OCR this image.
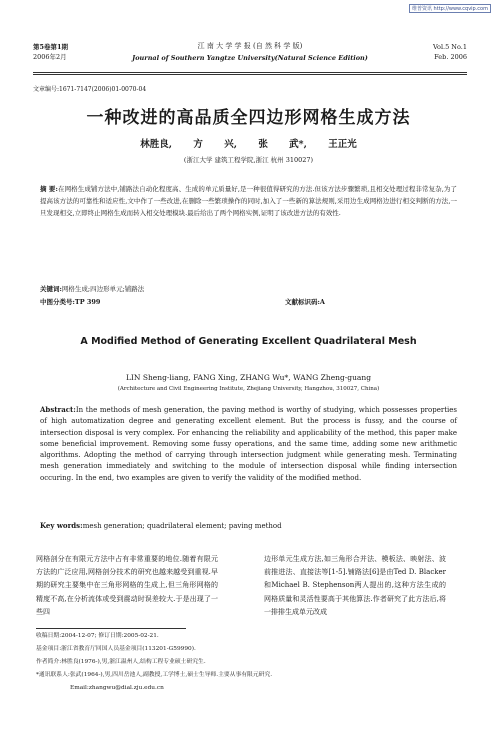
维普资讯 http://www.cqvip.com
第5卷第1期
2006年2月
江 南 大 学 学 报 (自 然 科 学 版)
Journal of Southern Yangtze University(Natural Science Edition)
Vol.5 No.1
Feb. 2006
文章编号:1671-7147(2006)01-0070-04
一种改进的高品质全四边形网格生成方法
林胜良, 方 兴, 张 武*, 王正光
(浙江大学 建筑工程学院,浙江 杭州 310027)
摘 要:在网格生成铺方法中,铺路法自动化程度高、生成的单元质量好,是一种很值得研究的方法.但该方法步骤繁琐,且相交处理过程非常复杂,为了提高该方法的可靠性和适应性,文中作了一些改进,在删除一些繁琐操作的同时,加入了一些新的算法规则,采用边生成网格边进行相交判断的方法,一旦发现相交,立即终止网格生成而转入相交处理模块.最后给出了两个网格实例,证明了该改进方法的有效性.
关键词:网格生成;四边形单元;铺路法
中图分类号:TP 399	文献标识码:A
A Modified Method of Generating Excellent Quadrilateral Mesh
LIN Sheng-liang, FANG Xing, ZHANG Wu*, WANG Zheng-guang
(Architecture and Civil Engineering Institute, Zhejiang University, Hangzhou, 310027, China)
Abstract:In the methods of mesh generation, the paving method is worthy of studying, which possesses properties of high automatization degree and generating excellent element. But the process is fussy, and the course of intersection disposal is very complex. For enhancing the reliability and applicability of the method, this paper make some beneficial improvement. Removing some fussy operations, and the same time, adding some new arithmetic algorithms. Adopting the method of carrying through intersection judgment while generating mesh. Terminating mesh generation immediately and switching to the module of intersection disposal while finding intersection occuring. In the end, two examples are given to verify the validity of the modified method.
Key words:mesh generation; quadrilateral element; paving method
网格剖分在有限元方法中占有非常重要的地位.随着有限元方法的广泛应用,网格剖分技术的研究也越来越受到重视.早期的研究主要集中在三角形网格的生成上,但三角形网格的精度不高,在分析流体或受到震动时误差较大.于是出现了一些四
边形单元生成方法,如三角形合并法、模板法、映射法、波前推进法、直接法等[1-5].铺路法[6]是由Ted D. Blacker和Michael B. Stephenson两人提出的,这种方法生成的网格质量和灵活性要高于其他算法.作者研究了此方法后,将一排排生成单元改成
收稿日期:2004-12-07; 修订日期:2005-02-21.
基金项目:浙江省教育厅回国人员基金项目(113201-G59990).
作者简介:林胜良(1976-),男,浙江温州人,结构工程专业硕士研究生.
*通讯联系人:张武(1964-),男,四川岳池人,副教授,工学博士,硕士生导师.主要从事有限元研究.
Email:zhangwu@dial.zju.edu.cn
